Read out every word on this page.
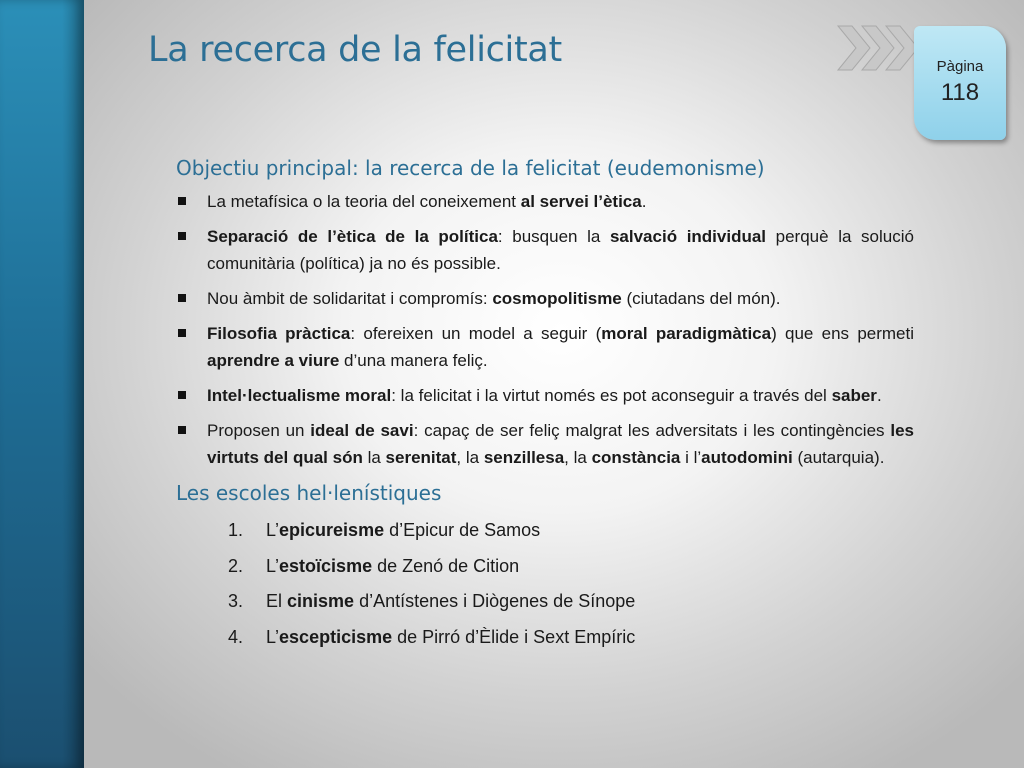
La recerca de la felicitat	Pàgina
118
Objectiu principal: la recerca de la felicitat (eudemonisme)
La metafísica o la teoria del coneixement al servei l’ètica.
Separació de l’ètica de la política: busquen la salvació individual perquè la solució comunitària (política) ja no és possible.
Nou àmbit de solidaritat i compromís: cosmopolitisme (ciutadans del món).
Filosofia pràctica: ofereixen un model a seguir (moral paradigmàtica) que ens permeti aprendre a viure d’una manera feliç.
Intel·lectualisme moral: la felicitat i la virtut només es pot aconseguir a través del saber.
Proposen un ideal de savi: capaç de ser feliç malgrat les adversitats i les contingències les virtuts del qual són la serenitat, la senzillesa, la constància i l’autodomini (autarquia).
Les escoles hel·lenístiques
1. L’epicureisme d’Epicur de Samos
2. L’estoïcisme de Zenó de Cition
3. El cinisme d’Antístenes i Diògenes de Sínope
4. L’escepticisme de Pirró d’Èlide i Sext Empíric
